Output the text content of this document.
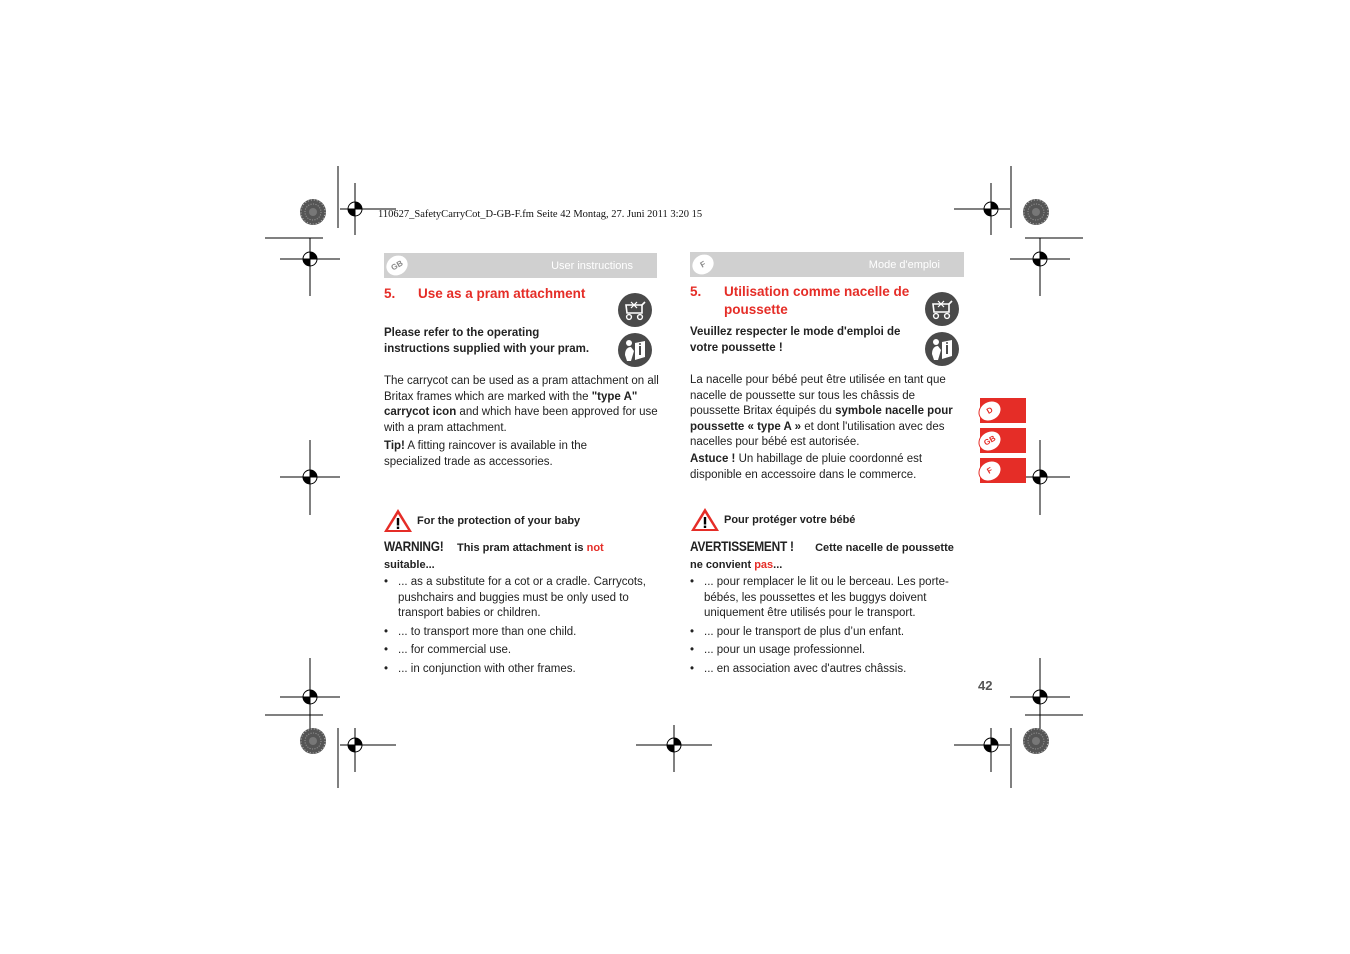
110627_SafetyCarryCot_D-GB-F.fm Seite 42 Montag, 27. Juni 2011 3:20 15
GB	User instructions
5. Use as a pram attachment
Please refer to the operating instructions supplied with your pram.
The carrycot can be used as a pram attachment on all Britax frames which are marked with the "type A" carrycot icon and which have been approved for use with a pram attachment.
Tip! A fitting raincover is available in the specialized trade as accessories.
For the protection of your baby
WARNING! This pram attachment is not
suitable...
• ... as a substitute for a cot or a cradle. Carrycots, pushchairs and buggies must be only used to transport babies or children.
• ... to transport more than one child.
• ... for commercial use.
• ... in conjunction with other frames.
F	Mode d'emploi
5.	Utilisation comme nacelle de poussette
Veuillez respecter le mode d'emploi de votre poussette !
La nacelle pour bébé peut être utilisée en tant que nacelle de poussette sur tous les châssis de poussette Britax équipés du symbole nacelle pour poussette « type A » et dont l'utilisation avec des nacelles pour bébé est autorisée.
Astuce ! Un habillage de pluie coordonné est disponible en accessoire dans le commerce.
Pour protéger votre bébé
AVERTISSEMENT ! Cette nacelle de poussette ne convient pas...
• ... pour remplacer le lit ou le berceau. Les porte-bébés, les poussettes et les buggys doivent uniquement être utilisés pour le transport.
• ... pour le transport de plus d’un enfant.
• ... pour un usage professionnel.
• ... en association avec d'autres châssis.
D
GB
F
42
